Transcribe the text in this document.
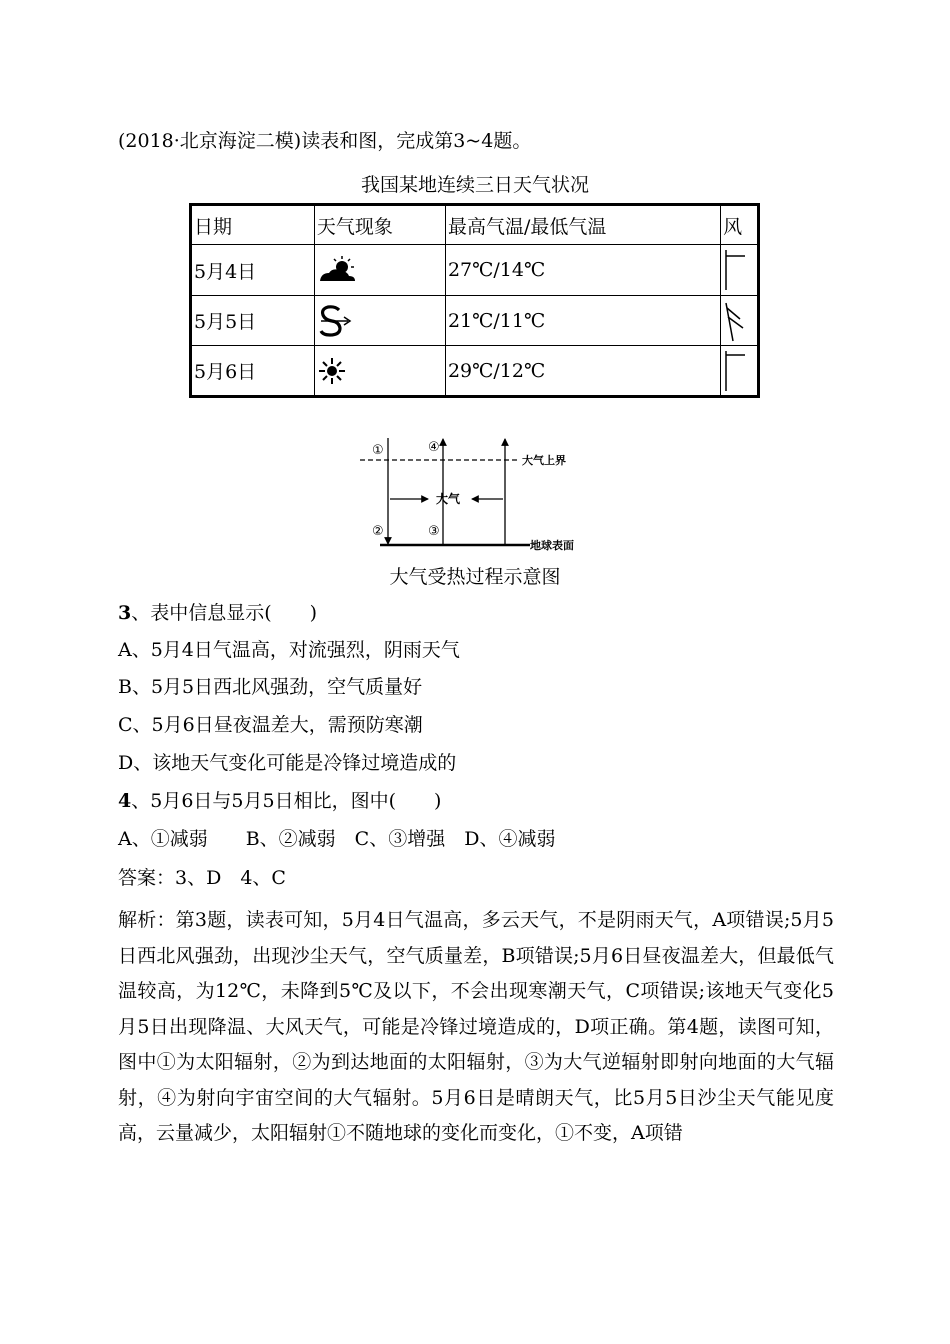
(2018·北京海淀二模)读表和图，完成第3~4题。
我国某地连续三日天气状况
日期	天气现象	最高气温/最低气温	风
5月4日		27℃/14℃	
5月5日		21℃/11℃	
5月6日		29℃/12℃	
①	④
②	③
大气
大气上界
地球表面
大气受热过程示意图
3、表中信息显示(　　)
A、5月4日气温高，对流强烈，阴雨天气
B、5月5日西北风强劲，空气质量好
C、5月6日昼夜温差大，需预防寒潮
D、该地天气变化可能是冷锋过境造成的
4、5月6日与5月5日相比，图中(　　)
A、①减弱　　B、②减弱　C、③增强　D、④减弱
答案：3、D　4、C
解析：第3题，读表可知，5月4日气温高，多云天气，不是阴雨天气，A项错误;5月5日西北风强劲，出现沙尘天气，空气质量差，B项错误;5月6日昼夜温差大，但最低气温较高，为12℃，未降到5℃及以下，不会出现寒潮天气，C项错误;该地天气变化5月5日出现降温、大风天气，可能是冷锋过境造成的，D项正确。第4题，读图可知，图中①为太阳辐射，②为到达地面的太阳辐射，③为大气逆辐射即射向地面的大气辐射，④为射向宇宙空间的大气辐射。5月6日是晴朗天气，比5月5日沙尘天气能见度高，云量减少，太阳辐射①不随地球的变化而变化，①不变，A项错
